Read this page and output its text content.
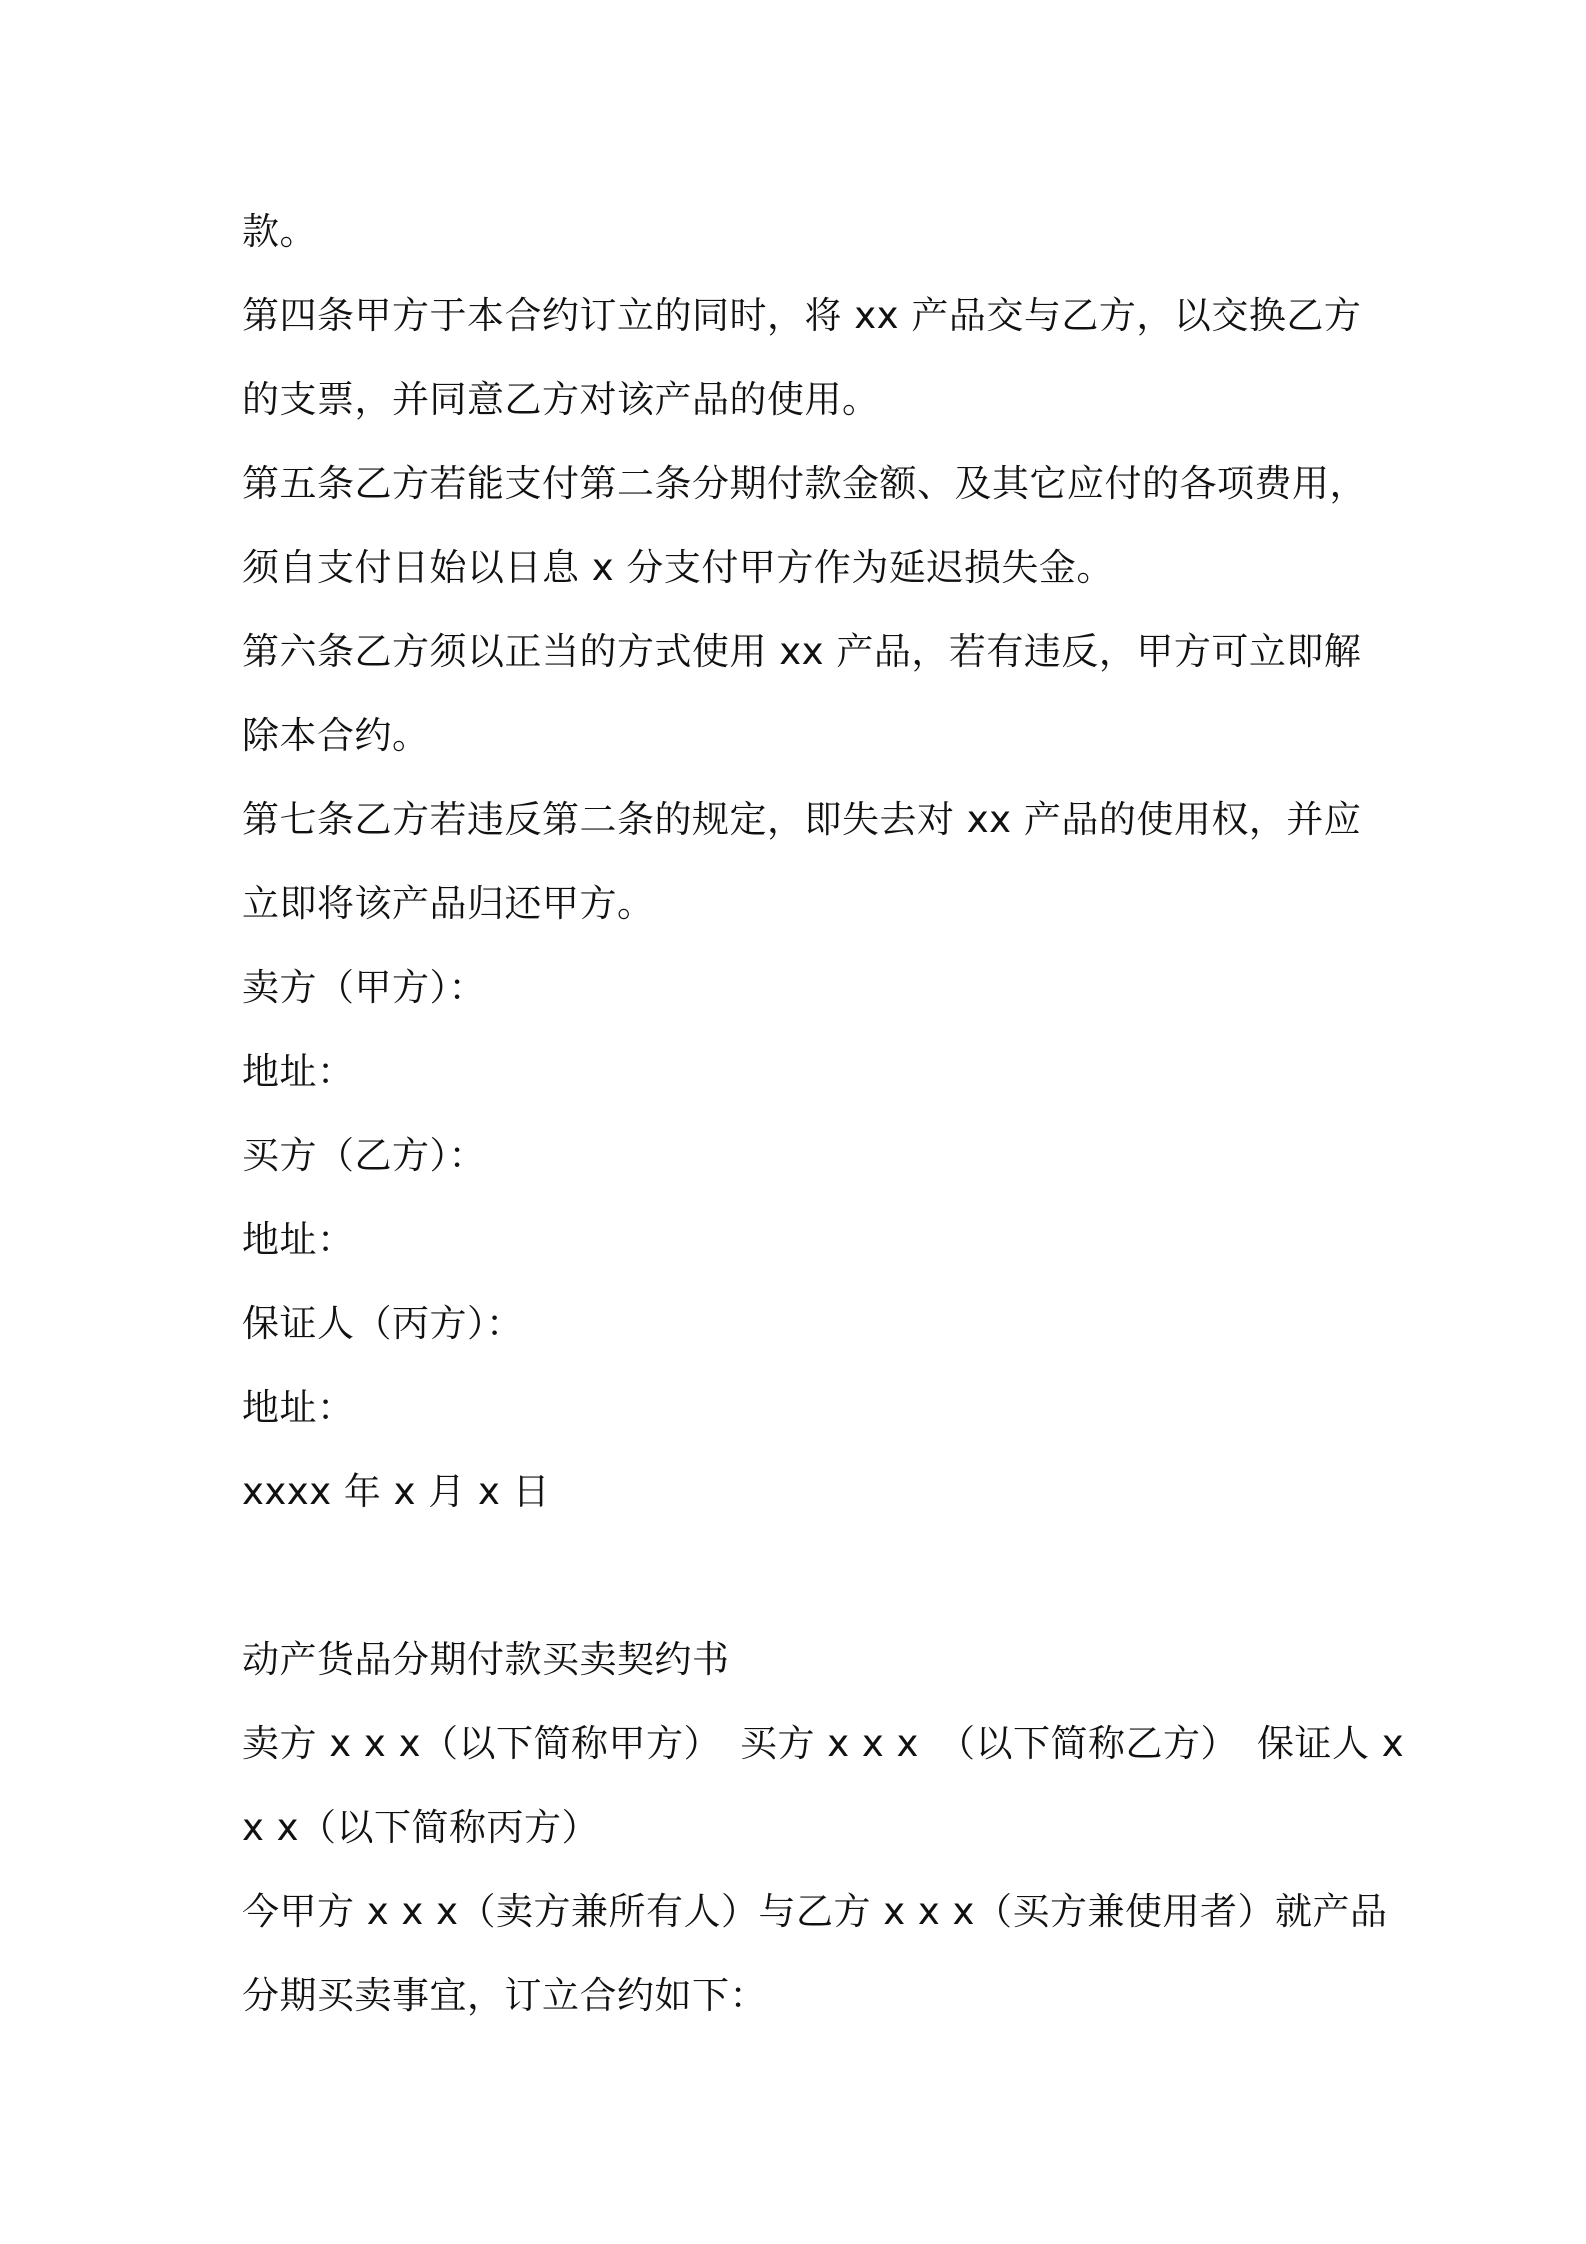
款。
第四条甲方于本合约订立的同时，将 xx 产品交与乙方，以交换乙方
的支票，并同意乙方对该产品的使用。
第五条乙方若能支付第二条分期付款金额、及其它应付的各项费用，
须自支付日始以日息 x 分支付甲方作为延迟损失金。
第六条乙方须以正当的方式使用 xx 产品，若有违反，甲方可立即解
除本合约。
第七条乙方若违反第二条的规定，即失去对 xx 产品的使用权，并应
立即将该产品归还甲方。
卖方（甲方）：
地址：
买方（乙方）：
地址：
保证人（丙方）：
地址：
xxxx 年 x 月 x 日
动产货品分期付款买卖契约书
卖方 x x x（以下简称甲方）　买方 x x x　（以下简称乙方）　保证人 x
x x（以下简称丙方）
今甲方 x x x（卖方兼所有人）与乙方 x x x（买方兼使用者）就产品
分期买卖事宜，订立合约如下：
